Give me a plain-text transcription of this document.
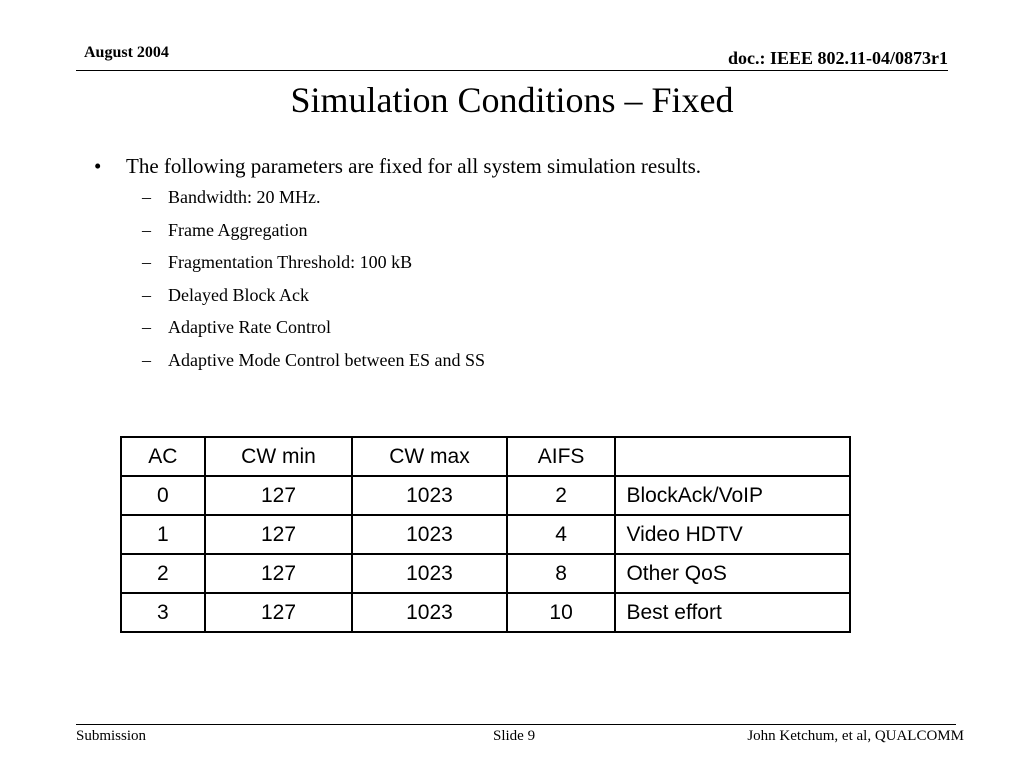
August 2004	doc.: IEEE 802.11-04/0873r1
Simulation Conditions – Fixed
•	The following parameters are fixed for all system simulation results.
– Bandwidth: 20 MHz.
– Frame Aggregation
– Fragmentation Threshold: 100 kB
– Delayed Block Ack
– Adaptive Rate Control
– Adaptive Mode Control between ES and SS
AC	CW min	CW max	AIFS	
0	127	1023	2	BlockAck/VoIP
1	127	1023	4	Video HDTV
2	127	1023	8	Other QoS
3	127	1023	10	Best effort
Submission	Slide 9	John Ketchum, et al, QUALCOMM
